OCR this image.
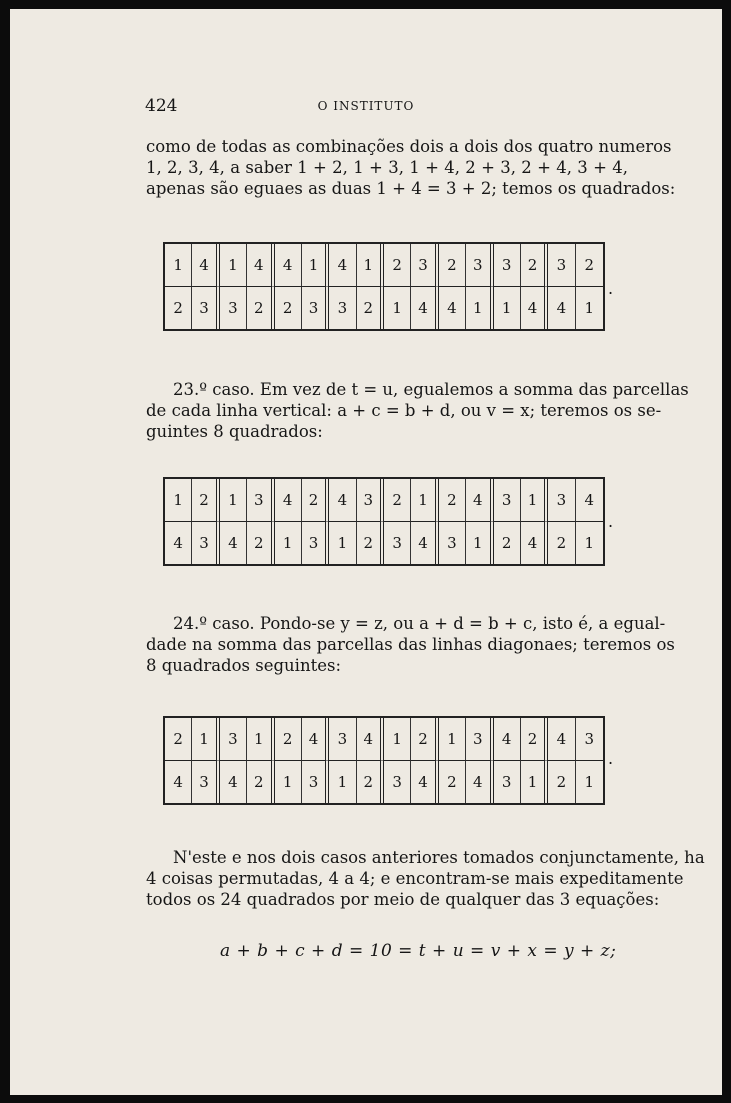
424	O INSTITUTO
como de todas as combinações dois a dois dos quatro numeros
1, 2, 3, 4, a saber 1 + 2, 1 + 3, 1 + 4, 2 + 3, 2 + 4, 3 + 4,
apenas são eguaes as duas 1 + 4 = 3 + 2; temos os quadrados:
1	4	1	4	4	1	4	1	2	3	2	3	3	2	3	2
2	3	3	2	2	3	3	2	1	4	4	1	1	4	4	1
.
23.º caso. Em vez de t = u, egualemos a somma das parcellas
de cada linha vertical: a + c = b + d, ou v = x; teremos os se-
guintes 8 quadrados:
1	2	1	3	4	2	4	3	2	1	2	4	3	1	3	4
4	3	4	2	1	3	1	2	3	4	3	1	2	4	2	1
.
24.º caso. Pondo-se y = z, ou a + d = b + c, isto é, a egual-
dade na somma das parcellas das linhas diagonaes; teremos os
8 quadrados seguintes:
2	1	3	1	2	4	3	4	1	2	1	3	4	2	4	3
4	3	4	2	1	3	1	2	3	4	2	4	3	1	2	1
.
N'este e nos dois casos anteriores tomados conjunctamente, ha
4 coisas permutadas, 4 a 4; e encontram-se mais expeditamente
todos os 24 quadrados por meio de qualquer das 3 equações:
a + b + c + d = 10 = t + u = v + x = y + z;
